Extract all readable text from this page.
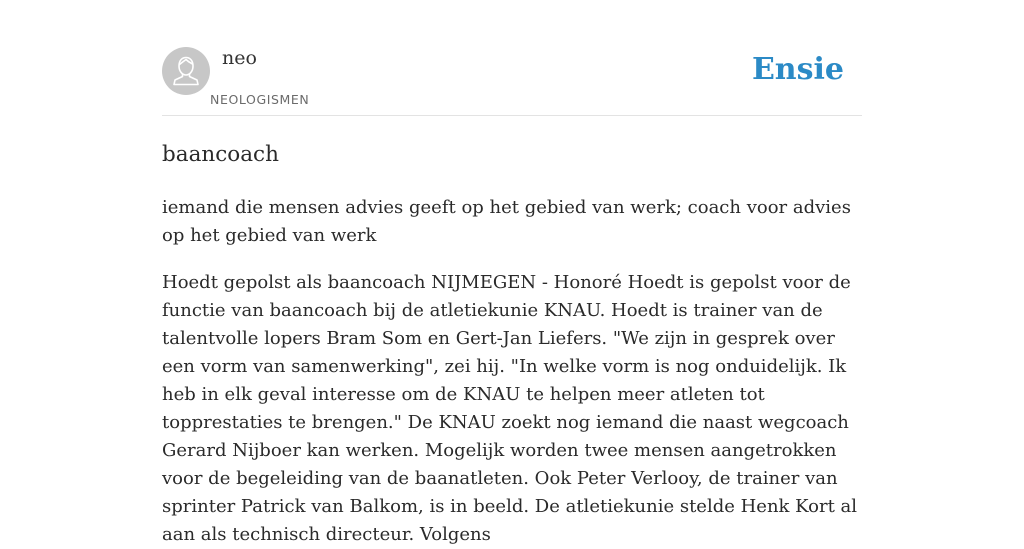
neo
NEOLOGISMEN
Ensie
baancoach

iemand die mensen advies geeft op het gebied van werk; coach voor advies op het gebied van werk

Hoedt gepolst als baancoach NIJMEGEN - Honoré Hoedt is gepolst voor de functie van baancoach bij de atletiekunie KNAU. Hoedt is trainer van de talentvolle lopers Bram Som en Gert-Jan Liefers. "We zijn in gesprek over een vorm van samenwerking", zei hij. "In welke vorm is nog onduidelijk. Ik heb in elk geval interesse om de KNAU te helpen meer atleten tot topprestaties te brengen." De KNAU zoekt nog iemand die naast wegcoach Gerard Nijboer kan werken. Mogelijk worden twee mensen aangetrokken voor de begeleiding van de baanatleten. Ook Peter Verlooy, de trainer van sprinter Patrick van Balkom, is in beeld. De atletiekunie stelde Henk Kort al aan als technisch directeur. Volgens
